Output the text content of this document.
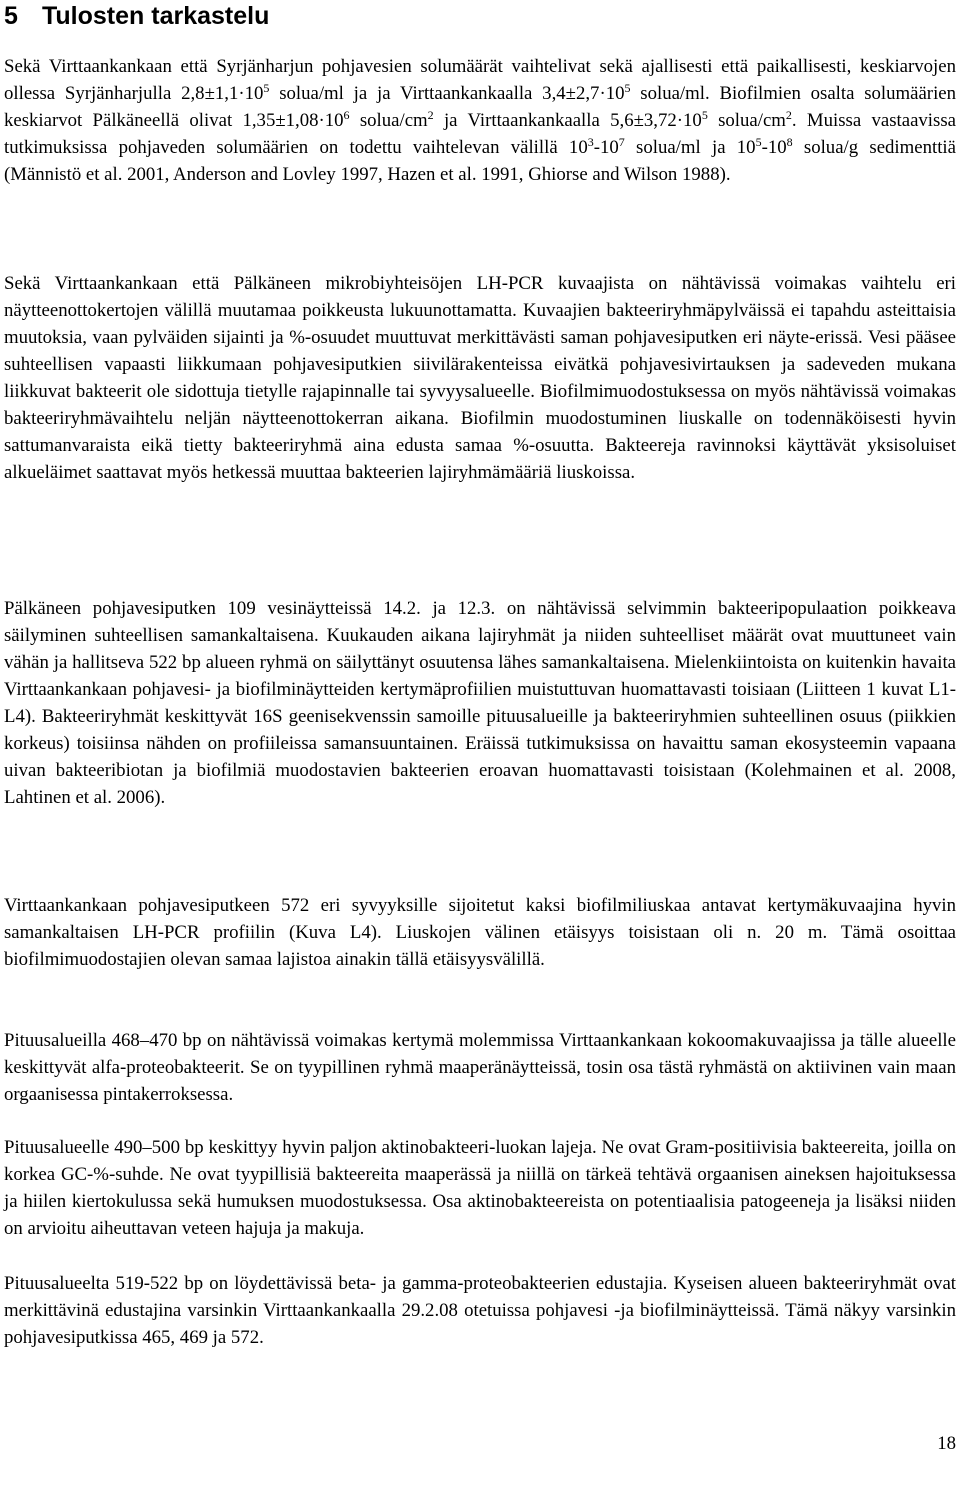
5 Tulosten tarkastelu

Sekä Virttaankankaan että Syrjänharjun pohjavesien solumäärät vaihtelivat sekä ajallisesti että paikallisesti, keskiarvojen ollessa Syrjänharjulla $2,8\pm 1,1\cdot 10^5$ solua/ml ja ja Virttaankankaalla $3,4\pm 2,7\cdot 10^5$ solua/ml. Biofilmien osalta solumäärien keskiarvot Pälkäneellä olivat $1,35\pm 1,08\cdot 10^6$ solua/$cm^2$ ja Virttaankankaalla $5,6\pm 3,72\cdot 10^5$ solua/$cm^2$. Muissa vastaavissa tutkimuksissa pohjaveden solumäärien on todettu vaihtelevan välillä $10^3-10^7$ solua/ml ja $10^5-10^8$ solua/g sedimenttiä (Männistö et al. 2001, Anderson and Lovley 1997, Hazen et al. 1991, Ghiorse and Wilson 1988).

Sekä Virttaankankaan että Pälkäneen mikrobiyhteisöjen LH-PCR kuvaajista on nähtävissä voimakas vaihtelu eri näytteenottokertojen välillä muutamaa poikkeusta lukuunottamatta. Kuvaajien bakteeriryhmäpylväissä ei tapahdu asteittaisia muutoksia, vaan pylväiden sijainti ja %-osuudet muuttuvat merkittävästi saman pohjavesiputken eri näyte-erissä. Vesi pääsee suhteellisen vapaasti liikkumaan pohjavesiputkien siivilärakenteissa eivätkä pohjavesivirtauksen ja sadeveden mukana liikkuvat bakteerit ole sidottuja tietylle rajapinnalle tai syvyysalueelle. Biofilmimuodostuksessa on myös nähtävissä voimakas bakteeriryhmävaihtelu neljän näytteenottokerran aikana. Biofilmin muodostuminen liuskalle on todennäköisesti hyvin sattumanvaraista eikä tietty bakteeriryhmä aina edusta samaa %-osuutta. Bakteereja ravinnoksi käyttävät yksisoluiset alkueläimet saattavat myös hetkessä muuttaa bakteerien lajiryhmämääriä liuskoissa.

Pälkäneen pohjavesiputken 109 vesinäytteissä 14.2. ja 12.3. on nähtävissä selvimmin bakteeripopulaation poikkeava säilyminen suhteellisen samankaltaisena. Kuukauden aikana lajiryhmät ja niiden suhteelliset määrät ovat muuttuneet vain vähän ja hallitseva 522 bp alueen ryhmä on säilyttänyt osuutensa lähes samankaltaisena. Mielenkiintoista on kuitenkin havaita Virttaankankaan pohjavesi- ja biofilminäytteiden kertymäprofiilien muistuttuvan huomattavasti toisiaan (Liitteen 1 kuvat L1-L4). Bakteeriryhmät keskittyvät 16S geenisekvenssin samoille pituusalueille ja bakteeriryhmien suhteellinen osuus (piikkien korkeus) toisiinsa nähden on profiileissa samansuuntainen. Eräissä tutkimuksissa on havaittu saman ekosysteemin vapaana uivan bakteeribiotan ja biofilmiä muodostavien bakteerien eroavan huomattavasti toisistaan (Kolehmainen et al. 2008, Lahtinen et al. 2006).

Virttaankankaan pohjavesiputkeen 572 eri syvyyksille sijoitetut kaksi biofilmiliuskaa antavat kertymäkuvaajina hyvin samankaltaisen LH-PCR profiilin (Kuva L4). Liuskojen välinen etäisyys toisistaan oli n. 20 m. Tämä osoittaa biofilmimuodostajien olevan samaa lajistoa ainakin tällä etäisyysvälillä.

Pituusalueilla 468–470 bp on nähtävissä voimakas kertymä molemmissa Virttaankankaan kokoomakuvaajissa ja tälle alueelle keskittyvät alfa-proteobakteerit. Se on tyypillinen ryhmä maaperänäytteissä, tosin osa tästä ryhmästä on aktiivinen vain maan orgaanisessa pintakerroksessa.

Pituusalueelle 490–500 bp keskittyy hyvin paljon aktinobakteeri-luokan lajeja. Ne ovat Gram-positiivisia bakteereita, joilla on korkea GC-%-suhde. Ne ovat tyypillisiä bakteereita maaperässä ja niillä on tärkeä tehtävä orgaanisen aineksen hajoituksessa ja hiilen kiertokulussa sekä humuksen muodostuksessa. Osa aktinobakteereista on potentiaalisia patogeeneja ja lisäksi niiden on arvioitu aiheuttavan veteen hajuja ja makuja.

Pituusalueelta 519-522 bp on löydettävissä beta- ja gamma-proteobakteerien edustajia. Kyseisen alueen bakteeriryhmät ovat merkittävinä edustajina varsinkin Virttaankankaalla 29.2.08 otetuissa pohjavesi -ja biofilminäytteissä. Tämä näkyy varsinkin pohjavesiputkissa 465, 469 ja 572.

18
